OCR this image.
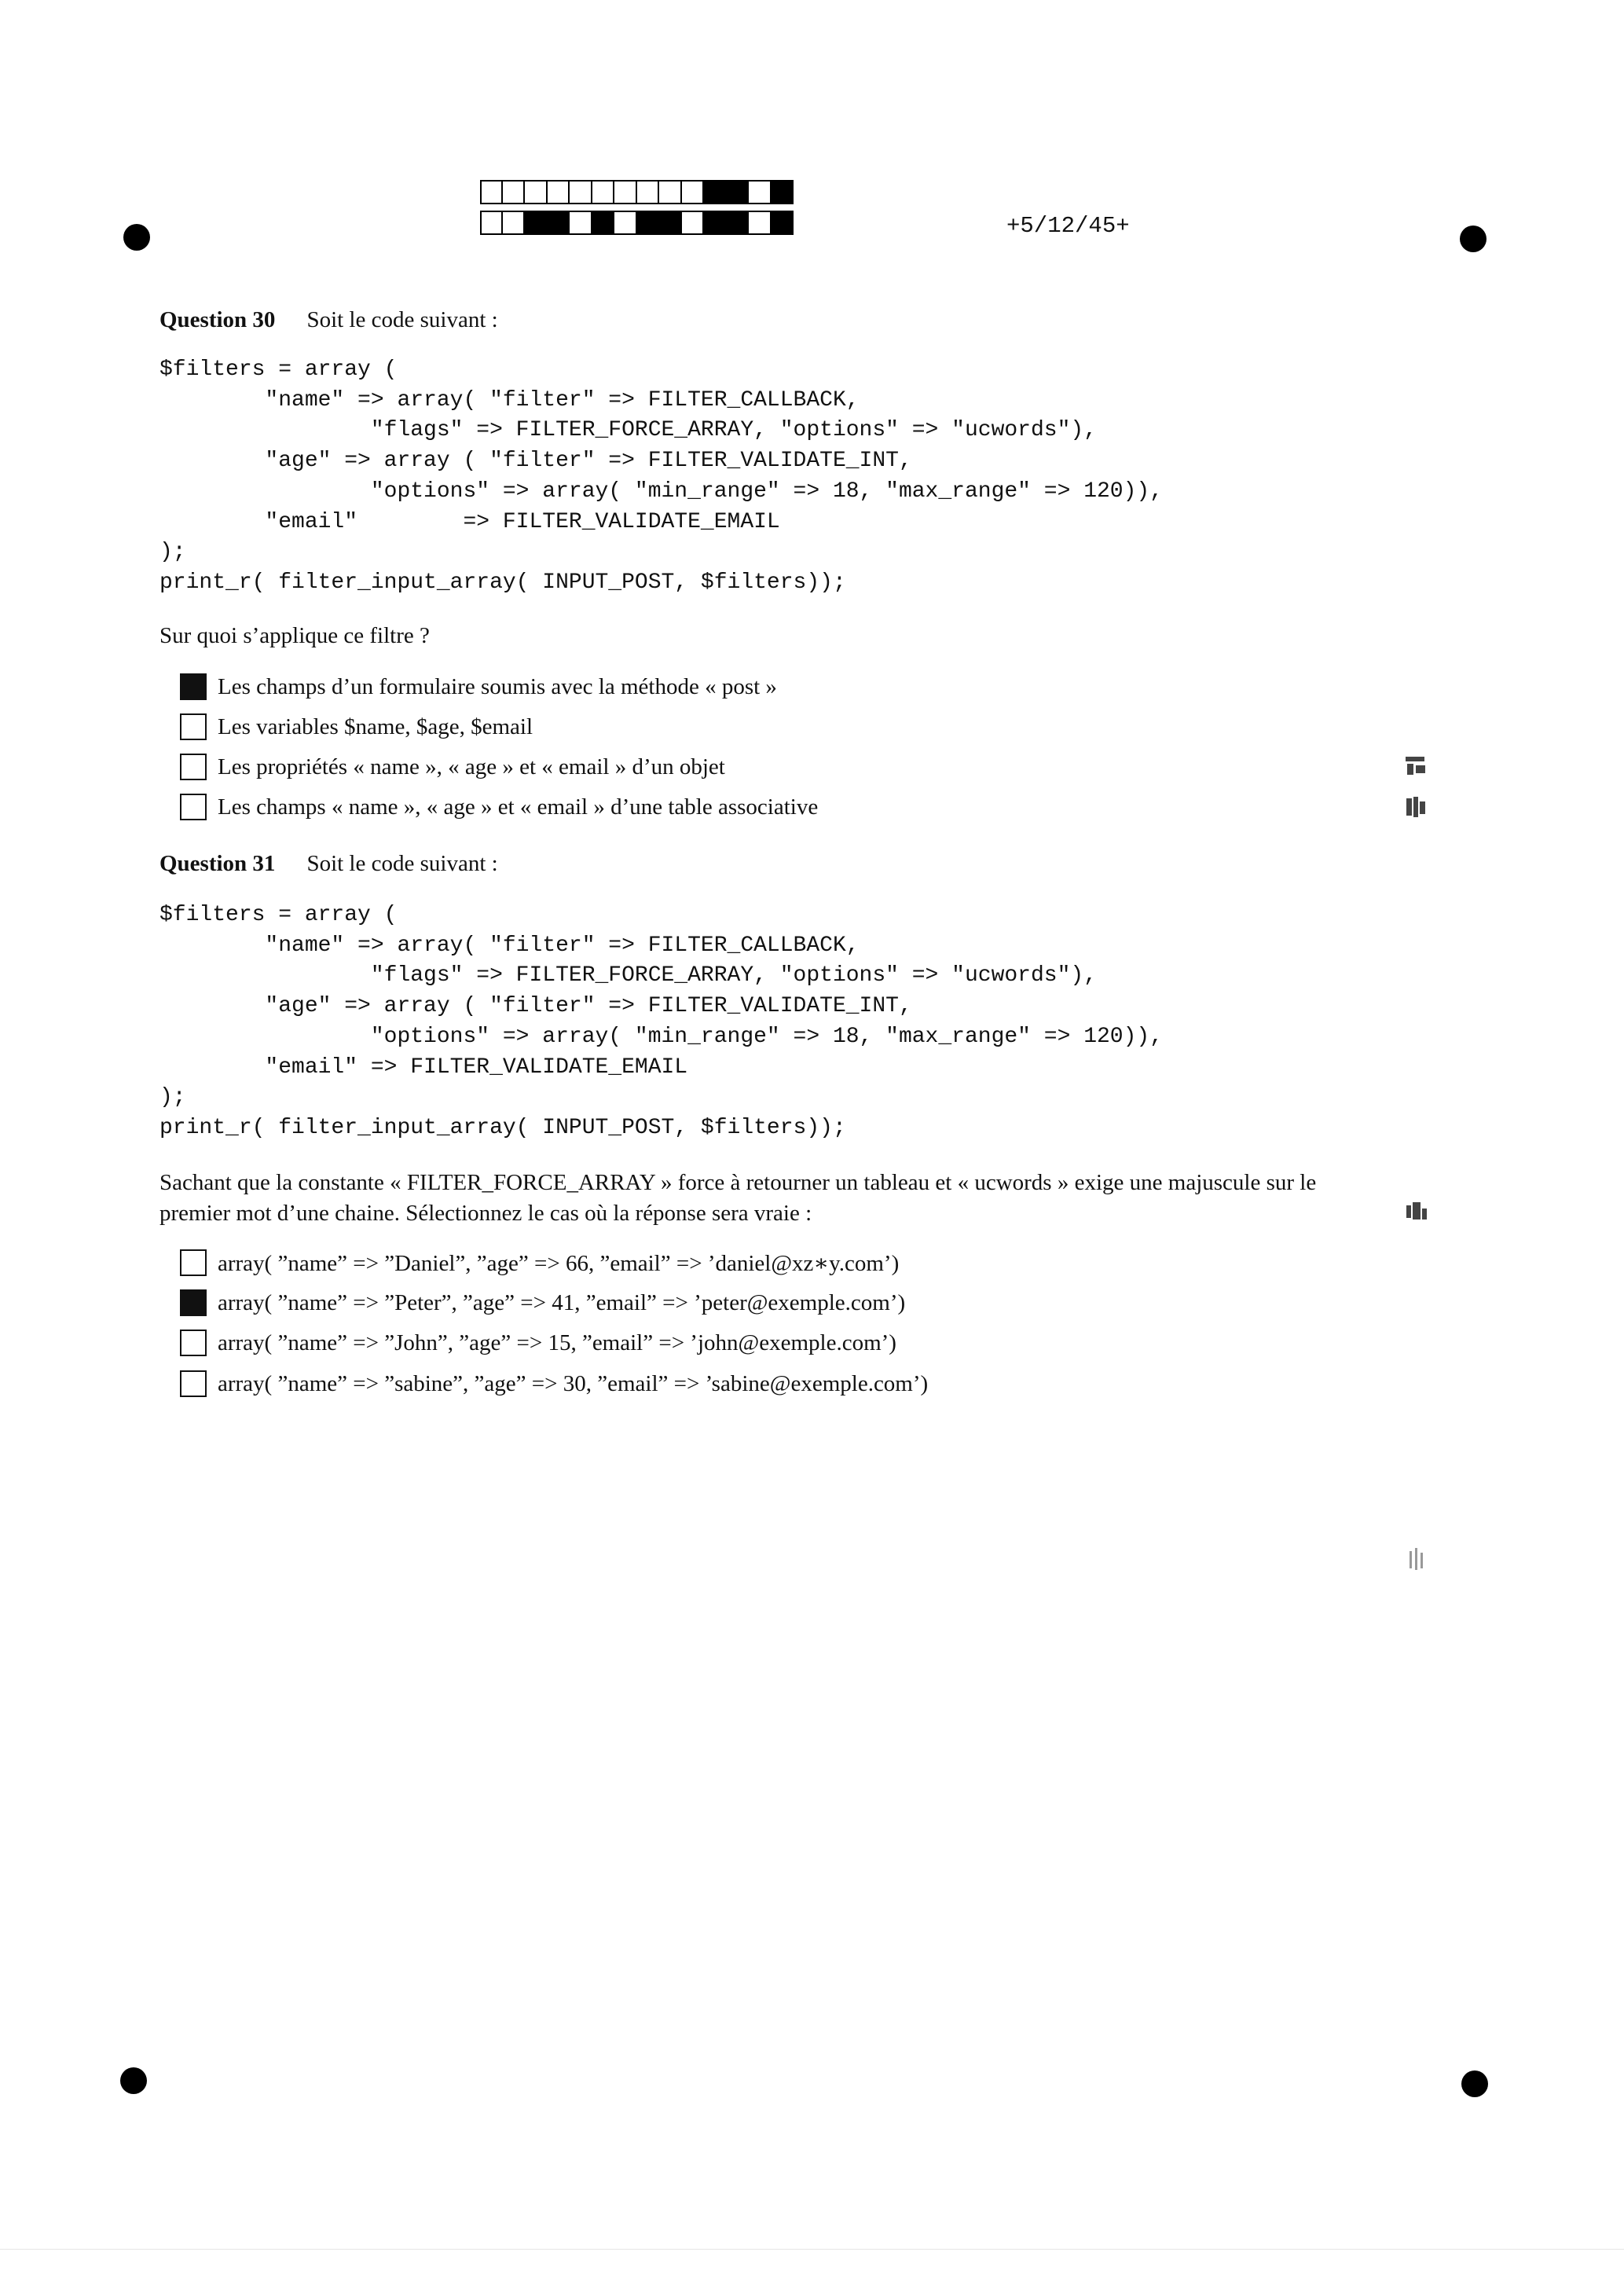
+5/12/45+
Question 30 Soit le code suivant :
$filters = array (
"name" => array( "filter" => FILTER_CALLBACK,
"flags" => FILTER_FORCE_ARRAY, "options" => "ucwords"),
"age" => array ( "filter" => FILTER_VALIDATE_INT,
"options" => array( "min_range" => 18, "max_range" => 120)),
"email"        => FILTER_VALIDATE_EMAIL
);
print_r( filter_input_array( INPUT_POST, $filters));
Sur quoi s’applique ce filtre ?
Les champs d’un formulaire soumis avec la méthode « post »
Les variables $name, $age, $email
Les propriétés « name », « age » et « email » d’un objet
Les champs « name », « age » et « email » d’une table associative
Question 31 Soit le code suivant :
$filters = array (
"name" => array( "filter" => FILTER_CALLBACK,
"flags" => FILTER_FORCE_ARRAY, "options" => "ucwords"),
"age" => array ( "filter" => FILTER_VALIDATE_INT,
"options" => array( "min_range" => 18, "max_range" => 120)),
"email" => FILTER_VALIDATE_EMAIL
);
print_r( filter_input_array( INPUT_POST, $filters));
Sachant que la constante « FILTER_FORCE_ARRAY » force à retourner un tableau et « ucwords » exige une majuscule sur le
premier mot d’une chaine. Sélectionnez le cas où la réponse sera vraie :
array( ”name” => ”Daniel”, ”age” => 66, ”email” => ’daniel@xz∗y.com’)
array( ”name” => ”Peter”, ”age” => 41, ”email” => ’peter@exemple.com’)
array( ”name” => ”John”, ”age” => 15, ”email” => ’john@exemple.com’)
array( ”name” => ”sabine”, ”age” => 30, ”email” => ’sabine@exemple.com’)
